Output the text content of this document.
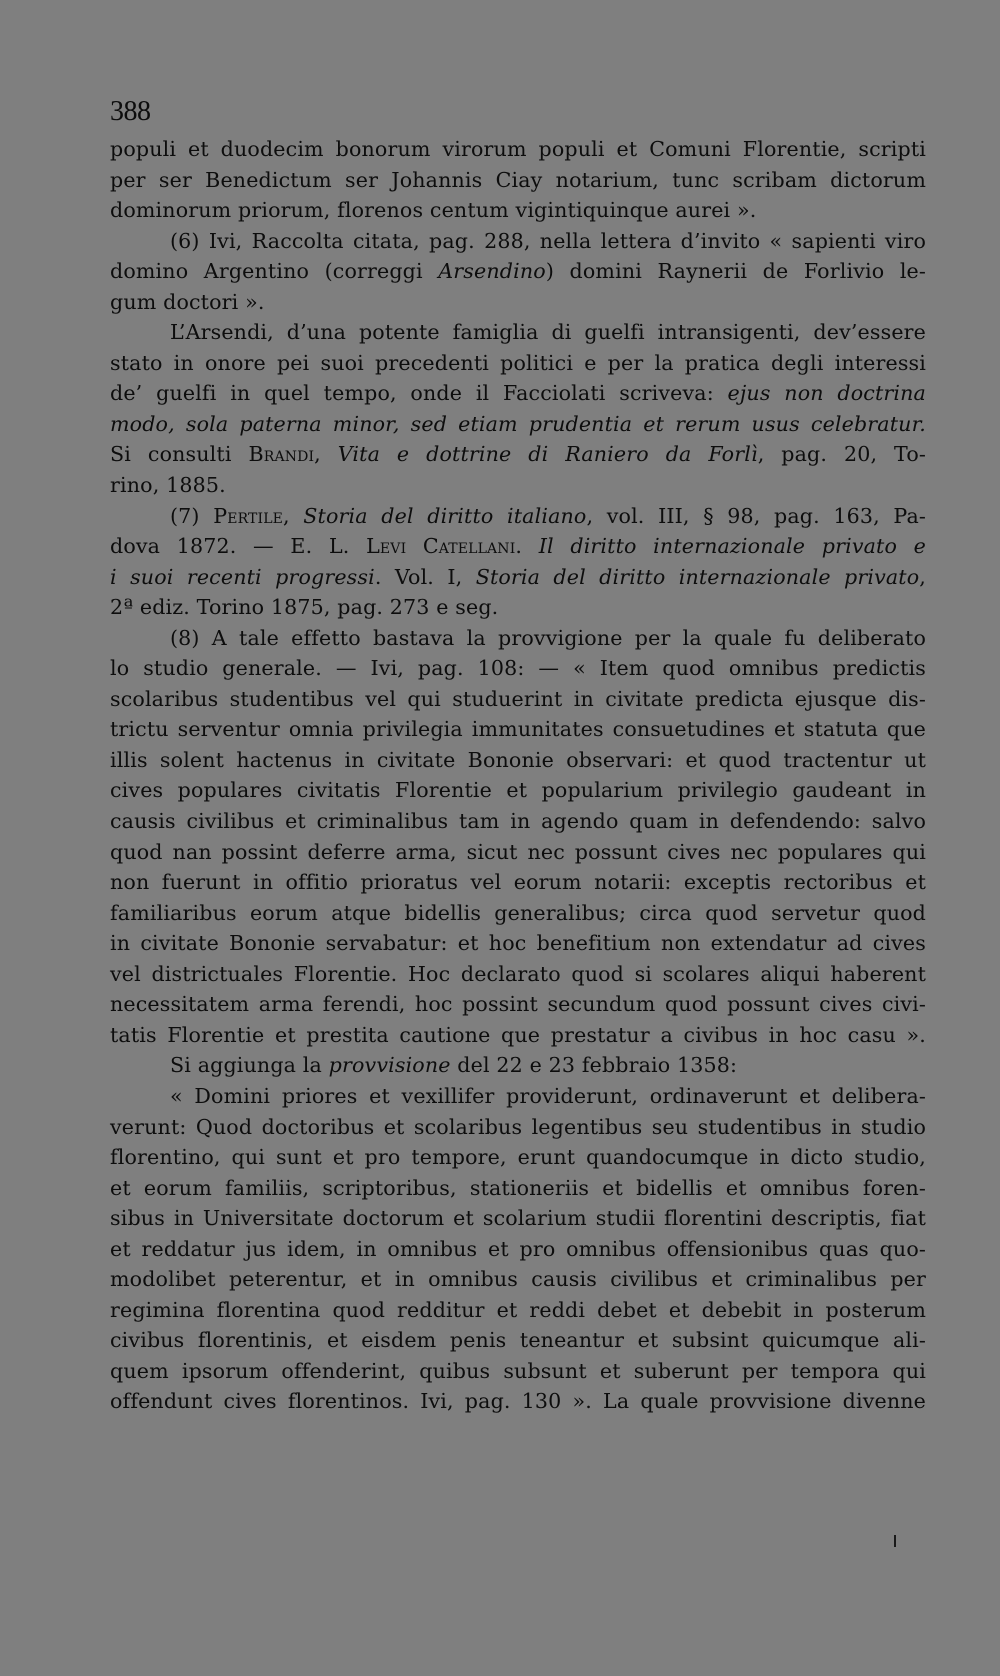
388
populi et duodecim bonorum virorum populi et Comuni Florentie, scripti
per ser Benedictum ser Johannis Ciay notarium, tunc scribam dictorum
dominorum priorum, florenos centum vigintiquinque aurei ».
(6) Ivi, Raccolta citata, pag. 288, nella lettera d’invito « sapienti viro
domino Argentino (correggi Arsendino) domini Raynerii de Forlivio le-
gum doctori ».
L’Arsendi, d’una potente famiglia di guelfi intransigenti, dev’essere
stato in onore pei suoi precedenti politici e per la pratica degli interessi
de’ guelfi in quel tempo, onde il Facciolati scriveva: ejus non doctrina
modo, sola paterna minor, sed etiam prudentia et rerum usus celebratur.
Si consulti Brandi, Vita e dottrine di Raniero da Forlì, pag. 20, To-
rino, 1885.
(7) Pertile, Storia del diritto italiano, vol. III, § 98, pag. 163, Pa-
dova 1872. — E. L. Levi Catellani. Il diritto internazionale privato e
i suoi recenti progressi. Vol. I, Storia del diritto internazionale privato,
2ª ediz. Torino 1875, pag. 273 e seg.
(8) A tale effetto bastava la provvigione per la quale fu deliberato
lo studio generale. — Ivi, pag. 108: — « Item quod omnibus predictis
scolaribus studentibus vel qui studuerint in civitate predicta ejusque dis-
trictu serventur omnia privilegia immunitates consuetudines et statuta que
illis solent hactenus in civitate Bononie observari: et quod tractentur ut
cives populares civitatis Florentie et popularium privilegio gaudeant in
causis civilibus et criminalibus tam in agendo quam in defendendo: salvo
quod nan possint deferre arma, sicut nec possunt cives nec populares qui
non fuerunt in offitio prioratus vel eorum notarii: exceptis rectoribus et
familiaribus eorum atque bidellis generalibus; circa quod servetur quod
in civitate Bononie servabatur: et hoc benefitium non extendatur ad cives
vel districtuales Florentie. Hoc declarato quod si scolares aliqui haberent
necessitatem arma ferendi, hoc possint secundum quod possunt cives civi-
tatis Florentie et prestita cautione que prestatur a civibus in hoc casu ».
Si aggiunga la provvisione del 22 e 23 febbraio 1358:
« Domini priores et vexillifer providerunt, ordinaverunt et delibera-
verunt: Quod doctoribus et scolaribus legentibus seu studentibus in studio
florentino, qui sunt et pro tempore, erunt quandocumque in dicto studio,
et eorum familiis, scriptoribus, stationeriis et bidellis et omnibus foren-
sibus in Universitate doctorum et scolarium studii florentini descriptis, fiat
et reddatur jus idem, in omnibus et pro omnibus offensionibus quas quo-
modolibet peterentur, et in omnibus causis civilibus et criminalibus per
regimina florentina quod redditur et reddi debet et debebit in posterum
civibus florentinis, et eisdem penis teneantur et subsint quicumque ali-
quem ipsorum offenderint, quibus subsunt et suberunt per tempora qui
offendunt cives florentinos. Ivi, pag. 130 ». La quale provvisione divenne
